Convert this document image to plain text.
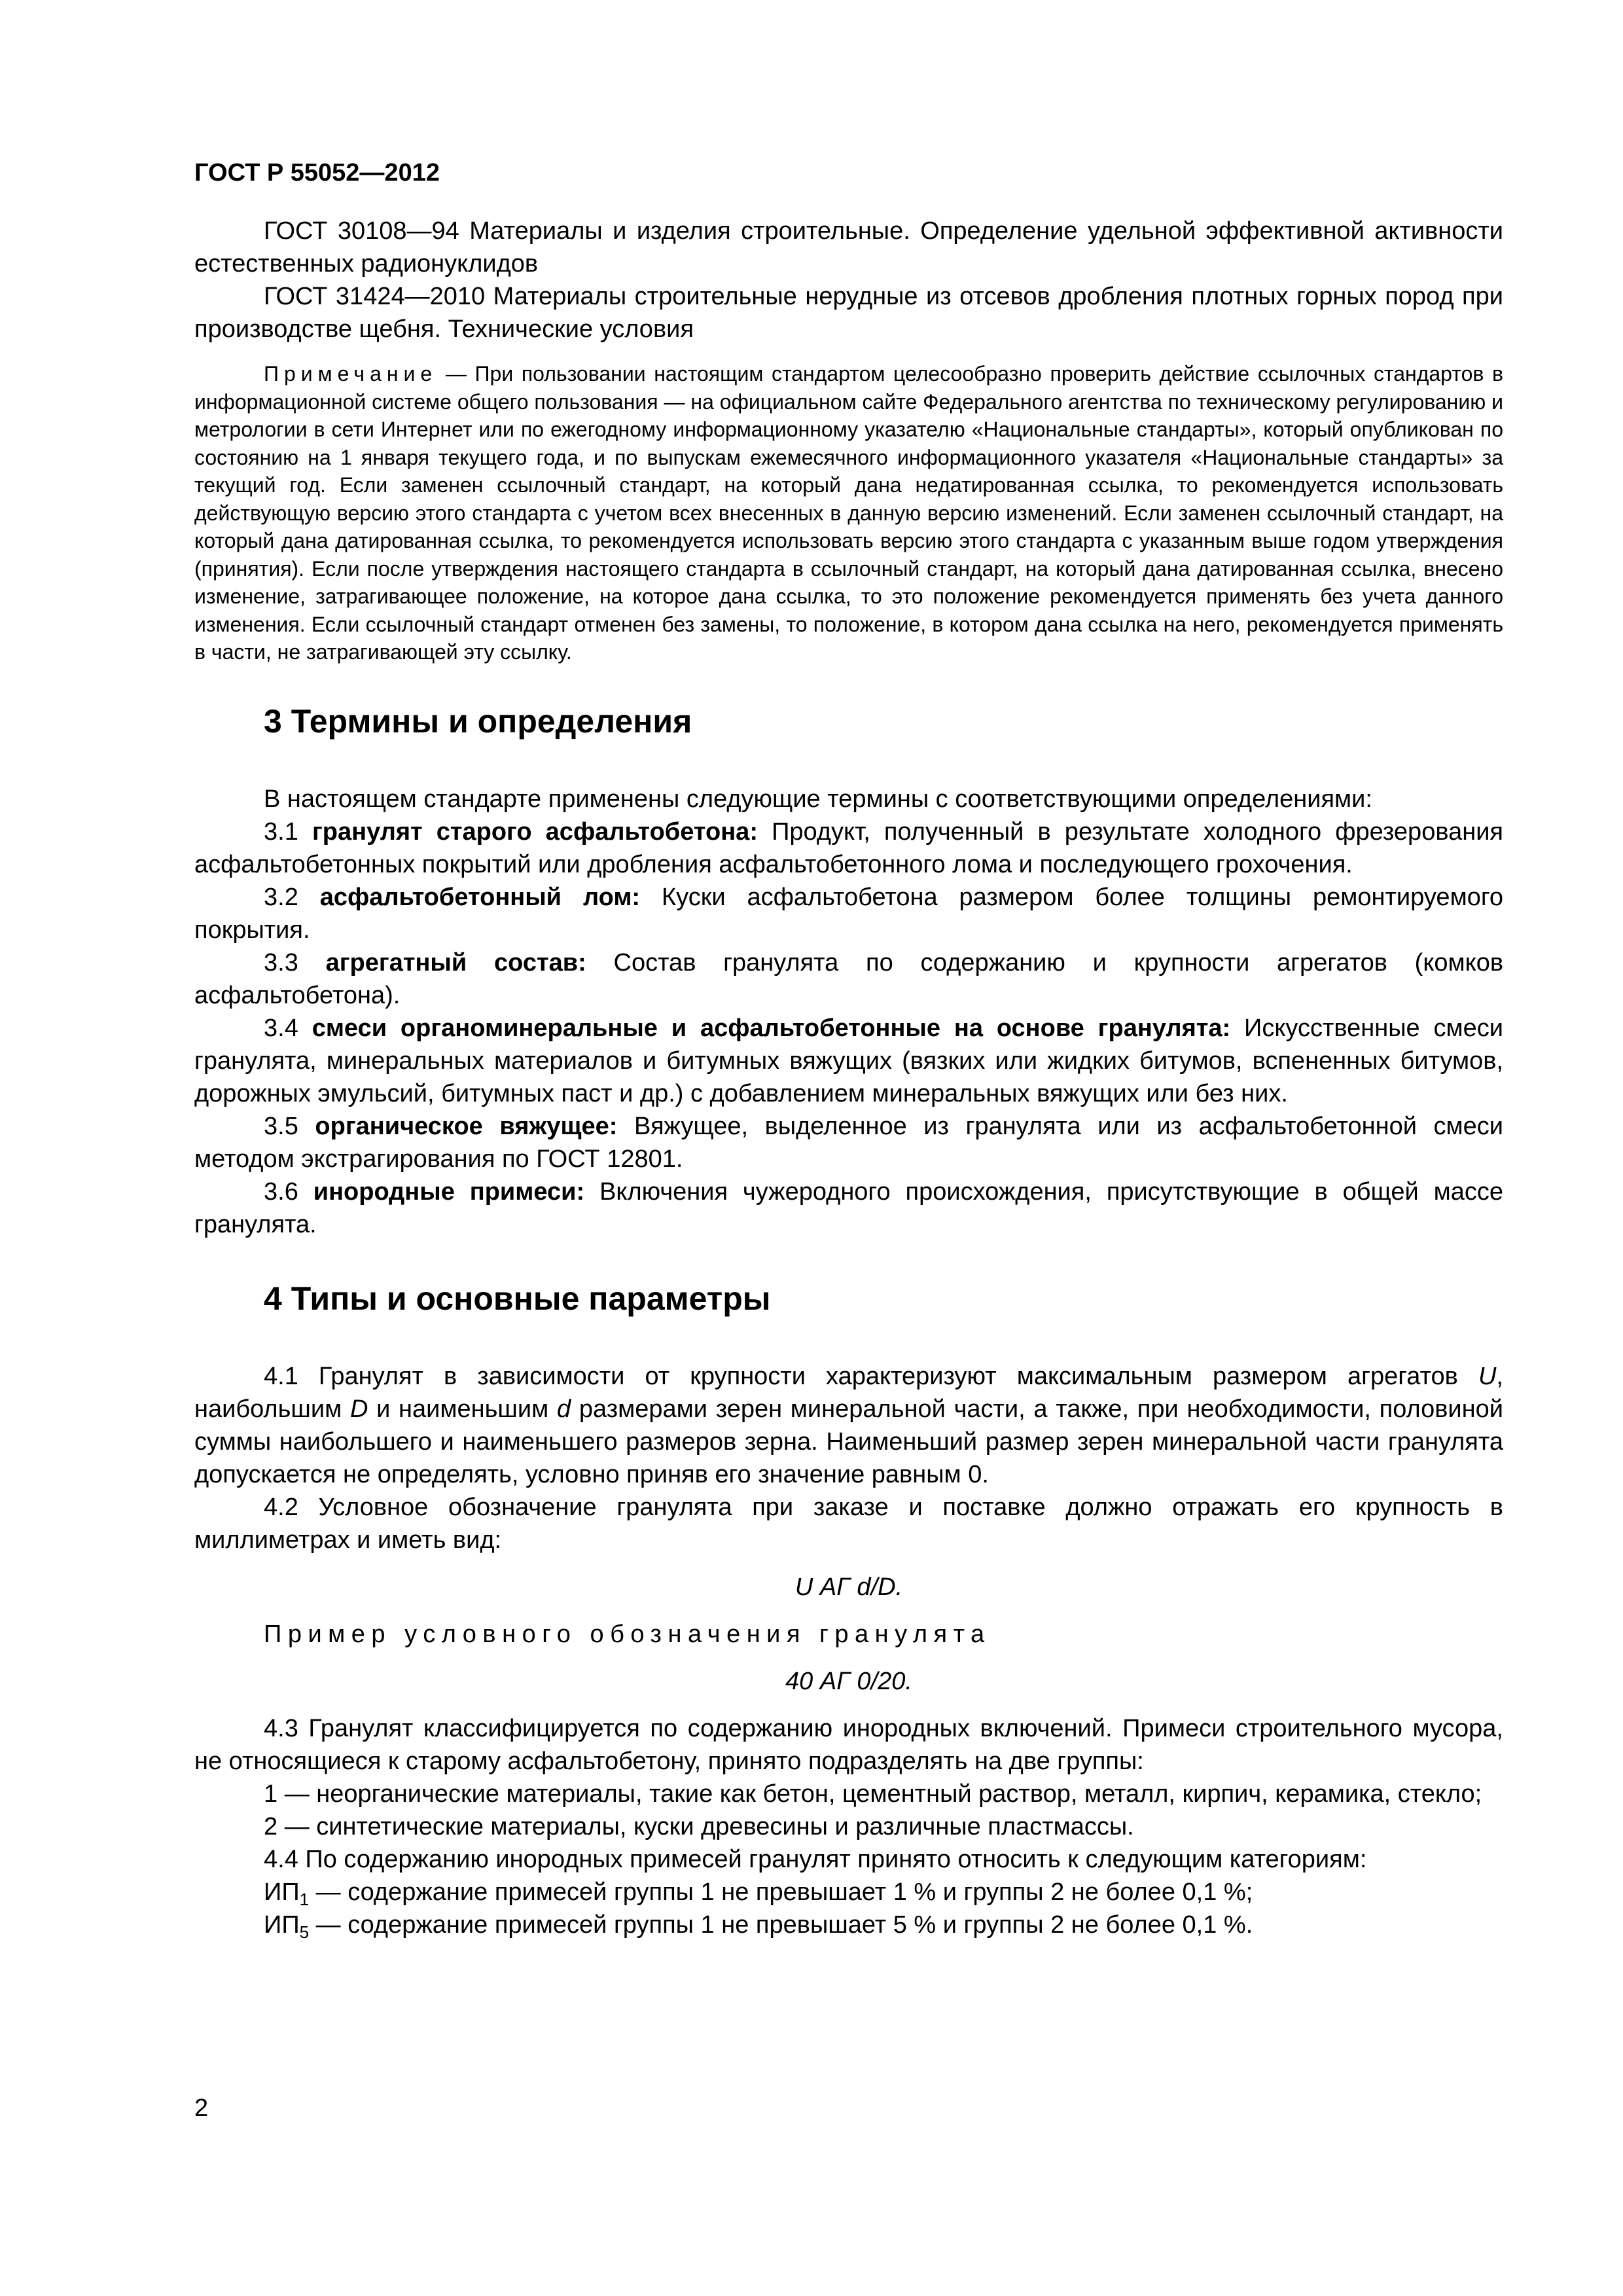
ГОСТ Р 55052—2012

ГОСТ 30108—94 Материалы и изделия строительные. Определение удельной эффективной активности естественных радионуклидов

ГОСТ 31424—2010 Материалы строительные нерудные из отсевов дробления плотных горных пород при производстве щебня. Технические условия

Примечание — При пользовании настоящим стандартом целесообразно проверить действие ссылочных стандартов в информационной системе общего пользования — на официальном сайте Федерального агентства по техническому регулированию и метрологии в сети Интернет или по ежегодному информационному указателю «Национальные стандарты», который опубликован по состоянию на 1 января текущего года, и по выпускам ежемесячного информационного указателя «Национальные стандарты» за текущий год. Если заменен ссылочный стандарт, на который дана недатированная ссылка, то рекомендуется использовать действующую версию этого стандарта с учетом всех внесенных в данную версию изменений. Если заменен ссылочный стандарт, на который дана датированная ссылка, то рекомендуется использовать версию этого стандарта с указанным выше годом утверждения (принятия). Если после утверждения настоящего стандарта в ссылочный стандарт, на который дана датированная ссылка, внесено изменение, затрагивающее положение, на которое дана ссылка, то это положение рекомендуется применять без учета данного изменения. Если ссылочный стандарт отменен без замены, то положение, в котором дана ссылка на него, рекомендуется применять в части, не затрагивающей эту ссылку.

3 Термины и определения

В настоящем стандарте применены следующие термины с соответствующими определениями:

3.1 гранулят старого асфальтобетона: Продукт, полученный в результате холодного фрезерования асфальтобетонных покрытий или дробления асфальтобетонного лома и последующего грохочения.

3.2 асфальтобетонный лом: Куски асфальтобетона размером более толщины ремонтируемого покрытия.

3.3 агрегатный состав: Состав гранулята по содержанию и крупности агрегатов (комков асфальтобетона).

3.4 смеси органоминеральные и асфальтобетонные на основе гранулята: Искусственные смеси гранулята, минеральных материалов и битумных вяжущих (вязких или жидких битумов, вспененных битумов, дорожных эмульсий, битумных паст и др.) с добавлением минеральных вяжущих или без них.

3.5 органическое вяжущее: Вяжущее, выделенное из гранулята или из асфальтобетонной смеси методом экстрагирования по ГОСТ 12801.

3.6 инородные примеси: Включения чужеродного происхождения, присутствующие в общей массе гранулята.

4 Типы и основные параметры

4.1 Гранулят в зависимости от крупности характеризуют максимальным размером агрегатов U, наибольшим D и наименьшим d размерами зерен минеральной части, а также, при необходимости, половиной суммы наибольшего и наименьшего размеров зерна. Наименьший размер зерен минеральной части гранулята допускается не определять, условно приняв его значение равным 0.

4.2 Условное обозначение гранулята при заказе и поставке должно отражать его крупность в миллиметрах и иметь вид:

U АГ d/D.

Пример условного обозначения гранулята

40 АГ 0/20.

4.3 Гранулят классифицируется по содержанию инородных включений. Примеси строительного мусора, не относящиеся к старому асфальтобетону, принято подразделять на две группы:

1 — неорганические материалы, такие как бетон, цементный раствор, металл, кирпич, керамика, стекло;

2 — синтетические материалы, куски древесины и различные пластмассы.

4.4 По содержанию инородных примесей гранулят принято относить к следующим категориям:

$ИП_1$ — содержание примесей группы 1 не превышает 1 % и группы 2 не более 0,1 %;

$ИП_5$ — содержание примесей группы 1 не превышает 5 % и группы 2 не более 0,1 %.

2
